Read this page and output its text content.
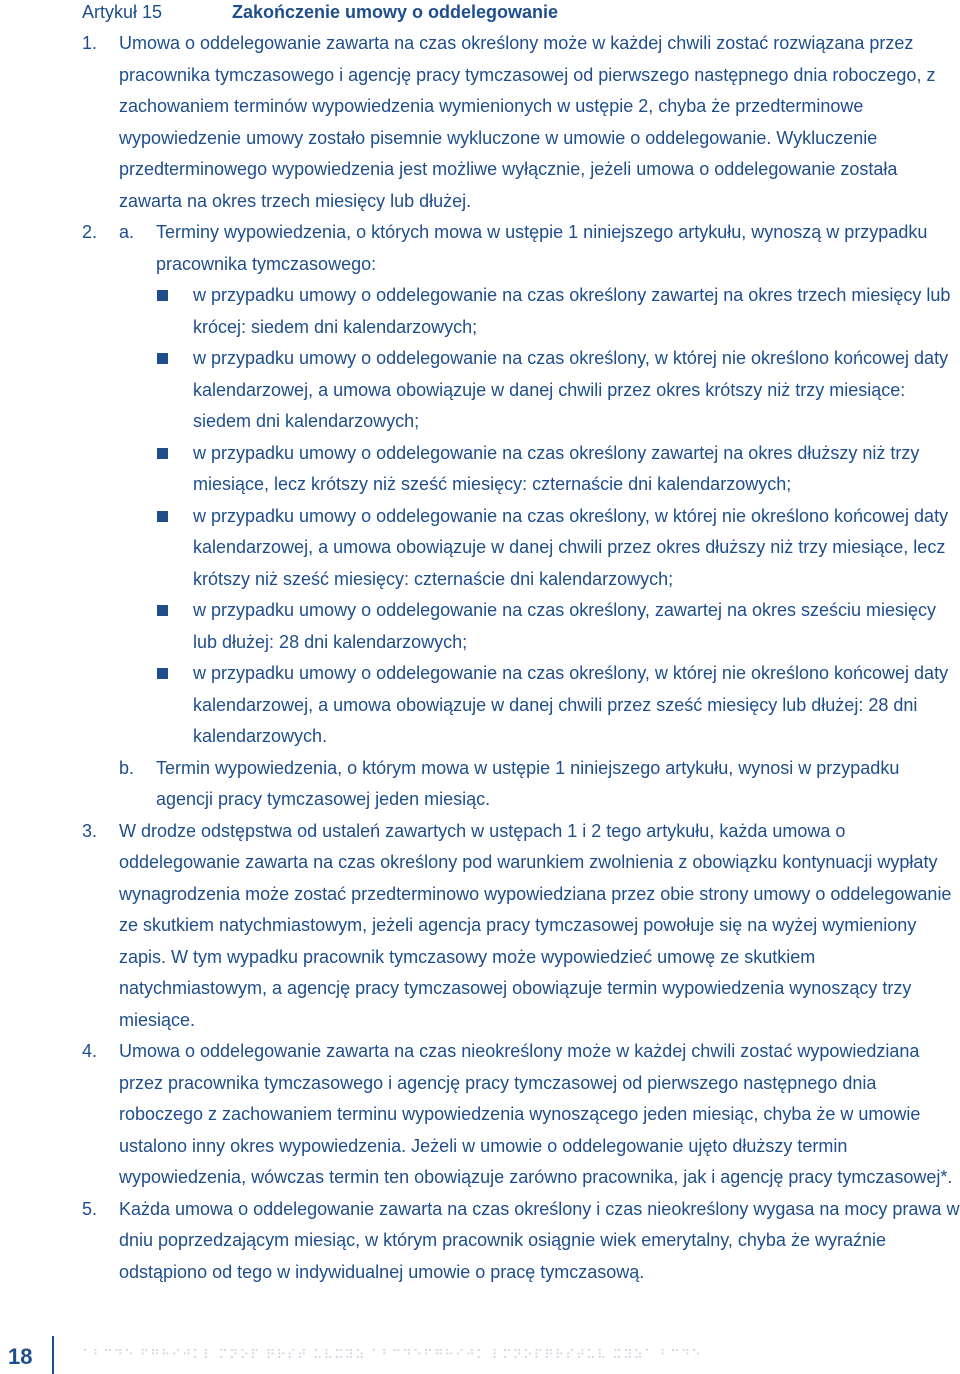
Artykuł 15	Zakończenie umowy o oddelegowanie
1. Umowa o oddelegowanie zawarta na czas określony może w każdej chwili zostać rozwiązana przez pracownika tymczasowego i agencję pracy tymczasowej od pierwszego następnego dnia roboczego, z zachowaniem terminów wypowiedzenia wymienionych w ustępie 2, chyba że przedterminowe wypowiedzenie umowy zostało pisemnie wykluczone w umowie o oddelegowanie. Wykluczenie przedterminowego wypowiedzenia jest możliwe wyłącznie, jeżeli umowa o oddelegowanie została zawarta na okres trzech miesięcy lub dłużej.

2. a. Terminy wypowiedzenia, o których mowa w ustępie 1 niniejszego artykułu, wynoszą w przypadku pracownika tymczasowego:

w przypadku umowy o oddelegowanie na czas określony zawartej na okres trzech miesięcy lub krócej: siedem dni kalendarzowych;
w przypadku umowy o oddelegowanie na czas określony, w której nie określono końcowej daty kalendarzowej, a umowa obowiązuje w danej chwili przez okres krótszy niż trzy miesiące: siedem dni kalendarzowych;
w przypadku umowy o oddelegowanie na czas określony zawartej na okres dłuższy niż trzy miesiące, lecz krótszy niż sześć miesięcy: czternaście dni kalendarzowych;
w przypadku umowy o oddelegowanie na czas określony, w której nie określono końcowej daty kalendarzowej, a umowa obowiązuje w danej chwili przez okres dłuższy niż trzy miesiące, lecz krótszy niż sześć miesięcy: czternaście dni kalendarzowych;
w przypadku umowy o oddelegowanie na czas określony, zawartej na okres sześciu miesięcy lub dłużej: 28 dni kalendarzowych;
w przypadku umowy o oddelegowanie na czas określony, w której nie określono końcowej daty kalendarzowej, a umowa obowiązuje w danej chwili przez sześć miesięcy lub dłużej: 28 dni kalendarzowych.
b. Termin wypowiedzenia, o którym mowa w ustępie 1 niniejszego artykułu, wynosi w przypadku agencji pracy tymczasowej jeden miesiąc.

3. W drodze odstępstwa od ustaleń zawartych w ustępach 1 i 2 tego artykułu, każda umowa o oddelegowanie zawarta na czas określony pod warunkiem zwolnienia z obowiązku kontynuacji wypłaty wynagrodzenia może zostać przedterminowo wypowiedziana przez obie strony umowy o oddelegowanie ze skutkiem natychmiastowym, jeżeli agencja pracy tymczasowej powołuje się na wyżej wymieniony zapis. W tym wypadku pracownik tymczasowy może wypowiedzieć umowę ze skutkiem natychmiastowym, a agencję pracy tymczasowej obowiązuje termin wypowiedzenia wynoszący trzy miesiące.

4. Umowa o oddelegowanie zawarta na czas nieokreślony może w każdej chwili zostać wypowiedziana przez pracownika tymczasowego i agencję pracy tymczasowej od pierwszego następnego dnia roboczego z zachowaniem terminu wypowiedzenia wynoszącego jeden miesiąc, chyba że w umowie ustalono inny okres wypowiedzenia. Jeżeli w umowie o oddelegowanie ujęto dłuższy termin wypowiedzenia, wówczas termin ten obowiązuje zarówno pracownika, jak i agencję pracy tymczasowej*.

5. Każda umowa o oddelegowanie zawarta na czas określony i czas nieokreślony wygasa na mocy prawa w dniu poprzedzającym miesiąc, w którym pracownik osiągnie wiek emerytalny, chyba że wyraźnie odstąpiono od tego w indywidualnej umowie o pracę tymczasową.

18	⠁⠃⠉⠙⠑ ⠋⠛⠓⠊⠚⠅⠇ ⠍⠝⠕⠏ ⠟⠗⠎⠞ ⠥⠧⠭⠽⠵ ⠁⠃⠉⠙⠑⠋⠛⠓⠊⠚⠅ ⠇⠍⠝⠕⠏⠟⠗⠎⠞⠥⠧ ⠭⠽⠵⠁ ⠃⠉⠙⠑
